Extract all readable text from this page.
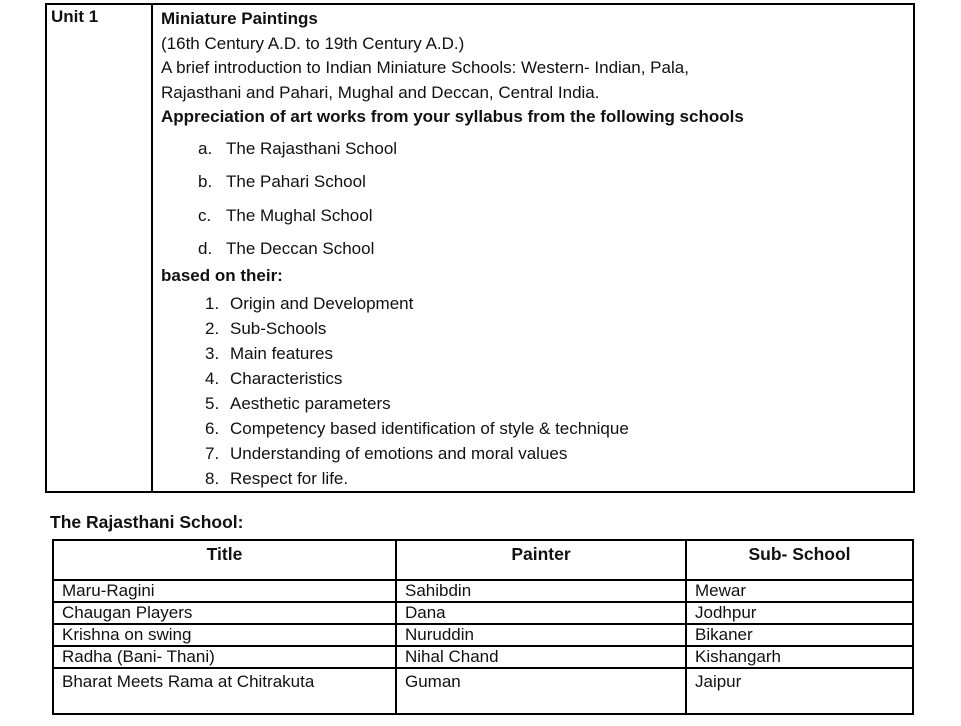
Unit 1	Miniature Paintings
(16th Century A.D. to 19th Century A.D.)
A brief introduction to Indian Miniature Schools: Western- Indian, Pala,
Rajasthani and Pahari, Mughal and Deccan, Central India.
Appreciation of art works from your syllabus from the following schools
a. The Rajasthani School
b. The Pahari School
c. The Mughal School
d. The Deccan School
based on their:
1. Origin and Development
2. Sub-Schools
3. Main features
4. Characteristics
5. Aesthetic parameters
6. Competency based identification of style & technique
7. Understanding of emotions and moral values
8. Respect for life.
The Rajasthani School:
Title	Painter	Sub- School
Maru-Ragini	Sahibdin	Mewar
Chaugan Players	Dana	Jodhpur
Krishna on swing	Nuruddin	Bikaner
Radha (Bani- Thani)	Nihal Chand	Kishangarh
Bharat Meets Rama at Chitrakuta	Guman	Jaipur
